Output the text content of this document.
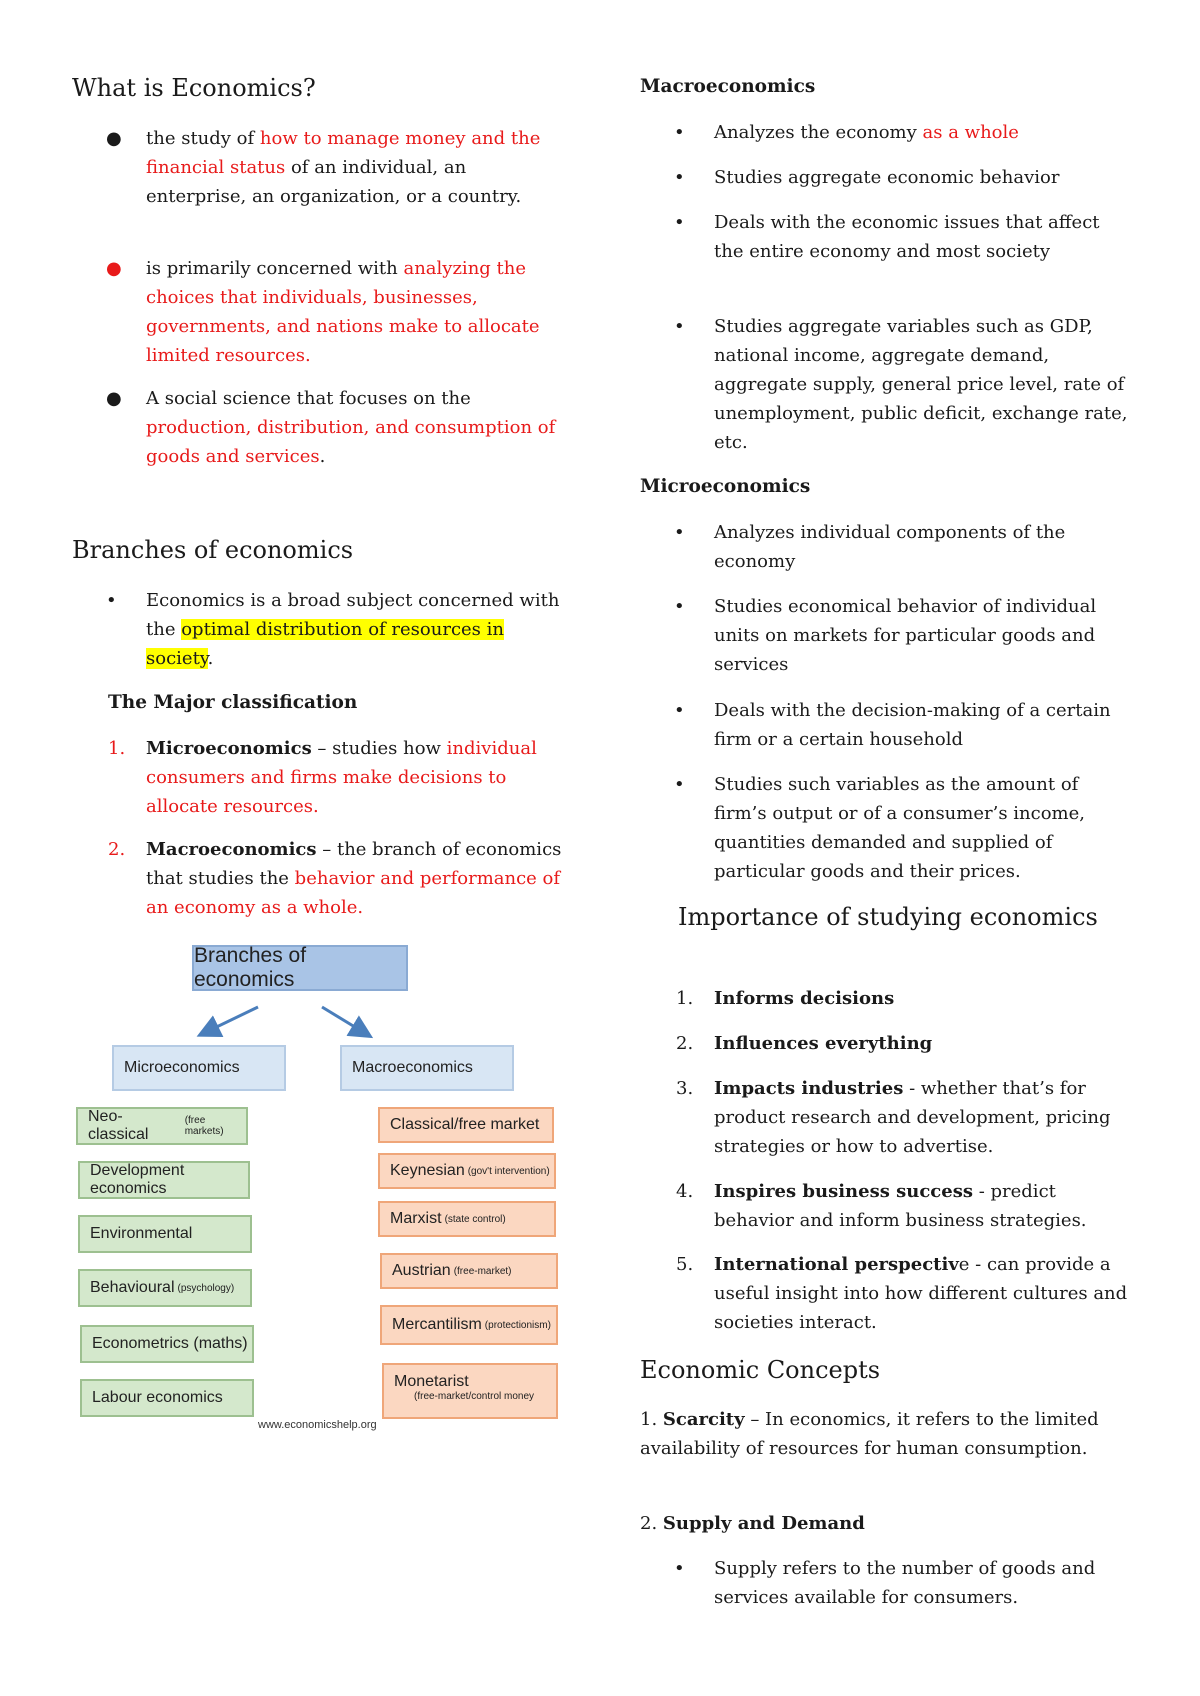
What is Economics?
● the study of how to manage money and the financial status of an individual, an enterprise, an organization, or a country.
● is primarily concerned with analyzing the choices that individuals, businesses, governments, and nations make to allocate limited resources.
● A social science that focuses on the production, distribution, and consumption of goods and services.
Branches of economics
• Economics is a broad subject concerned with the optimal distribution of resources in society.
The Major classification
1. Microeconomics – studies how individual consumers and firms make decisions to allocate resources.
2. Macroeconomics – the branch of economics that studies the behavior and performance of an economy as a whole.
Branches of economics
Microeconomics	Macroeconomics
Neo-classical
(free markets)
Development economics
Environmental
Behavioural (psychology)
Econometrics (maths)
Labour economics
Classical/free market
Keynesian (gov't intervention)
Marxist (state control)
Austrian (free-market)
Mercantilism (protectionism)
Monetarist
(free-market/control money
www.economicshelp.org
Macroeconomics
• Analyzes the economy as a whole
• Studies aggregate economic behavior
• Deals with the economic issues that affect the entire economy and most society
• Studies aggregate variables such as GDP, national income, aggregate demand, aggregate supply, general price level, rate of unemployment, public deficit, exchange rate, etc.
Microeconomics
• Analyzes individual components of the economy
• Studies economical behavior of individual units on markets for particular goods and services
• Deals with the decision-making of a certain firm or a certain household
• Studies such variables as the amount of firm’s output or of a consumer’s income, quantities demanded and supplied of particular goods and their prices.
Importance of studying economics
1. Informs decisions
2. Influences everything
3. Impacts industries - whether that’s for product research and development, pricing strategies or how to advertise.
4. Inspires business success - predict behavior and inform business strategies.
5. International perspective - can provide a useful insight into how different cultures and societies interact.
Economic Concepts
1. Scarcity – In economics, it refers to the limited availability of resources for human consumption.
2. Supply and Demand
• Supply refers to the number of goods and services available for consumers.
